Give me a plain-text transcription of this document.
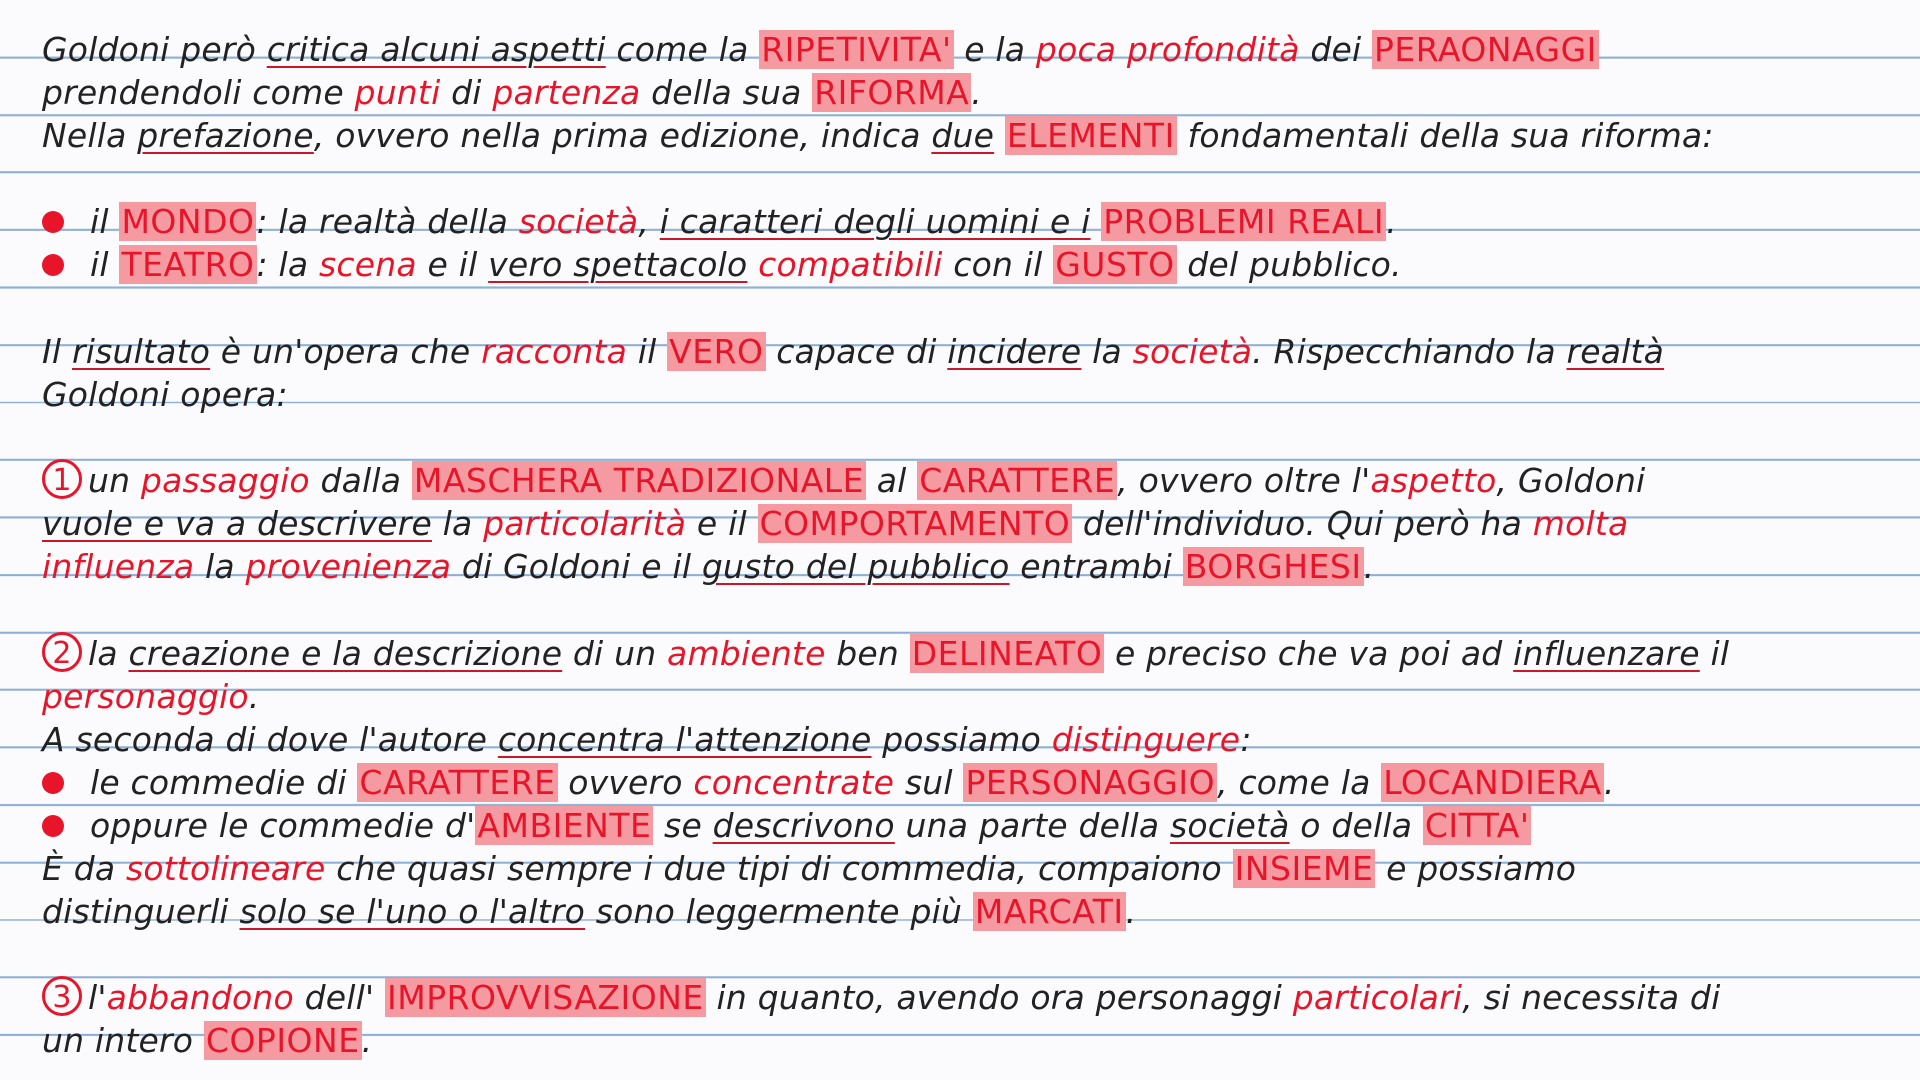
Goldoni però critica alcuni aspetti come la RIPETIVITA' e la poca profondità dei PERAONAGGI
prendendoli come punti di partenza della sua RIFORMA.
Nella prefazione, ovvero nella prima edizione, indica due ELEMENTI fondamentali della sua riforma:
il MONDO: la realtà della società, i caratteri degli uomini e i PROBLEMI REALI.
il TEATRO: la scena e il vero spettacolo compatibili con il GUSTO del pubblico.
Il risultato è un'opera che racconta il VERO capace di incidere la società. Rispecchiando la realtà
Goldoni opera:
1 un passaggio dalla MASCHERA TRADIZIONALE al CARATTERE, ovvero oltre l'aspetto, Goldoni
vuole e va a descrivere la particolarità e il COMPORTAMENTO dell'individuo. Qui però ha molta
influenza la provenienza di Goldoni e il gusto del pubblico entrambi BORGHESI.
2 la creazione e la descrizione di un ambiente ben DELINEATO e preciso che va poi ad influenzare il
personaggio.
A seconda di dove l'autore concentra l'attenzione possiamo distinguere:
le commedie di CARATTERE ovvero concentrate sul PERSONAGGIO, come la LOCANDIERA.
oppure le commedie d'AMBIENTE se descrivono una parte della società o della CITTA'
È da sottolineare che quasi sempre i due tipi di commedia, compaiono INSIEME e possiamo
distinguerli solo se l'uno o l'altro sono leggermente più MARCATI.
3 l'abbandono dell' IMPROVVISAZIONE in quanto, avendo ora personaggi particolari, si necessita di
un intero COPIONE.
